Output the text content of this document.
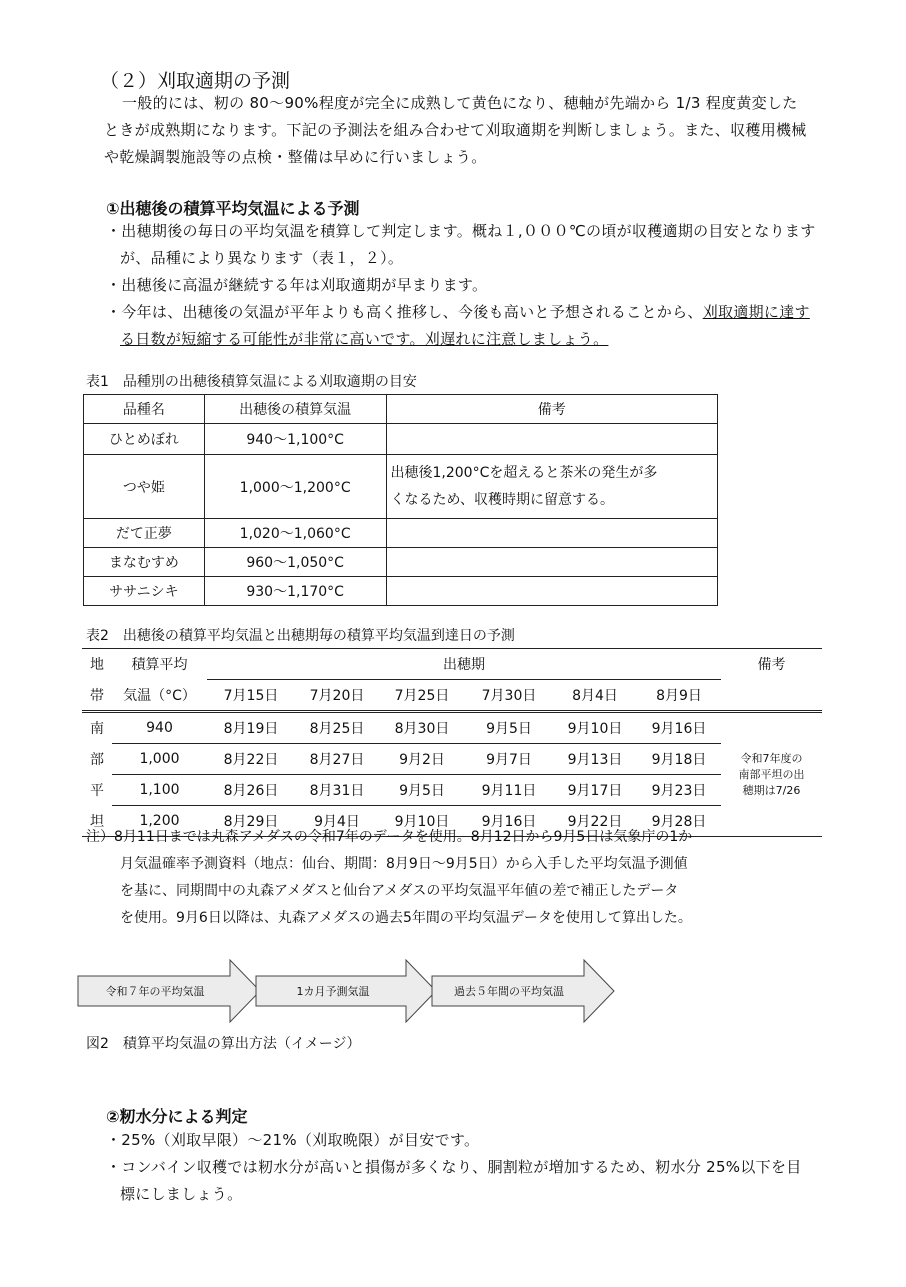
（２）刈取適期の予測
一般的には、籾の 80～90%程度が完全に成熟して黄色になり、穂軸が先端から 1/3 程度黄変した
ときが成熟期になります。下記の予測法を組み合わせて刈取適期を判断しましょう。また、収穫用機械
や乾燥調製施設等の点検・整備は早めに行いましょう。
①出穂後の積算平均気温による予測
・出穂期後の毎日の平均気温を積算して判定します。概ね１,０００℃の頃が収穫適期の目安となります
が、品種により異なります（表１，２）。
・出穂後に高温が継続する年は刈取適期が早まります。
・今年は、出穂後の気温が平年よりも高く推移し、今後も高いと予想されることから、刈取適期に達す
る日数が短縮する可能性が非常に高いです。刈遅れに注意しましょう。
表1　品種別の出穂後積算気温による刈取適期の目安
品種名	出穂後の積算気温	備考
ひとめぼれ	940～1,100°C	
つや姫	1,000～1,200°C	出穂後1,200°Cを超えると茶米の発生が多
くなるため、収穫時期に留意する。

だて正夢	1,020～1,060°C	
まなむすめ	960～1,050°C	
ササニシキ	930～1,170°C	
表2　出穂後の積算平均気温と出穂期毎の積算平均気温到達日の予測
地	積算平均	出穂期						備考
帯	気温（°C）	7月15日	7月20日	7月25日	7月30日	8月4日	8月9日	
南	940	8月19日	8月25日	8月30日	9月5日	9月10日	9月16日	令和7年度の
南部平坦の出
穂期は7/26

部	1,000	8月22日	8月27日	9月2日	9月7日	9月13日	9月18日	
平	1,100	8月26日	8月31日	9月5日	9月11日	9月17日	9月23日	
坦	1,200	8月29日	9月4日	9月10日	9月16日	9月22日	9月28日	
注）8月11日までは丸森アメダスの令和7年のデータを使用。8月12日から9月5日は気象庁の1か
月気温確率予測資料（地点：仙台、期間：8月9日～9月5日）から入手した平均気温予測値
を基に、同期間中の丸森アメダスと仙台アメダスの平均気温平年値の差で補正したデータ
を使用。9月6日以降は、丸森アメダスの過去5年間の平均気温データを使用して算出した。
令和７年の平均気温	1カ月予測気温	過去５年間の平均気温
図2　積算平均気温の算出方法（イメージ）
②籾水分による判定
・25%（刈取早限）～21%（刈取晩限）が目安です。
・コンバイン収穫では籾水分が高いと損傷が多くなり、胴割粒が増加するため、籾水分 25%以下を目
標にしましょう。
